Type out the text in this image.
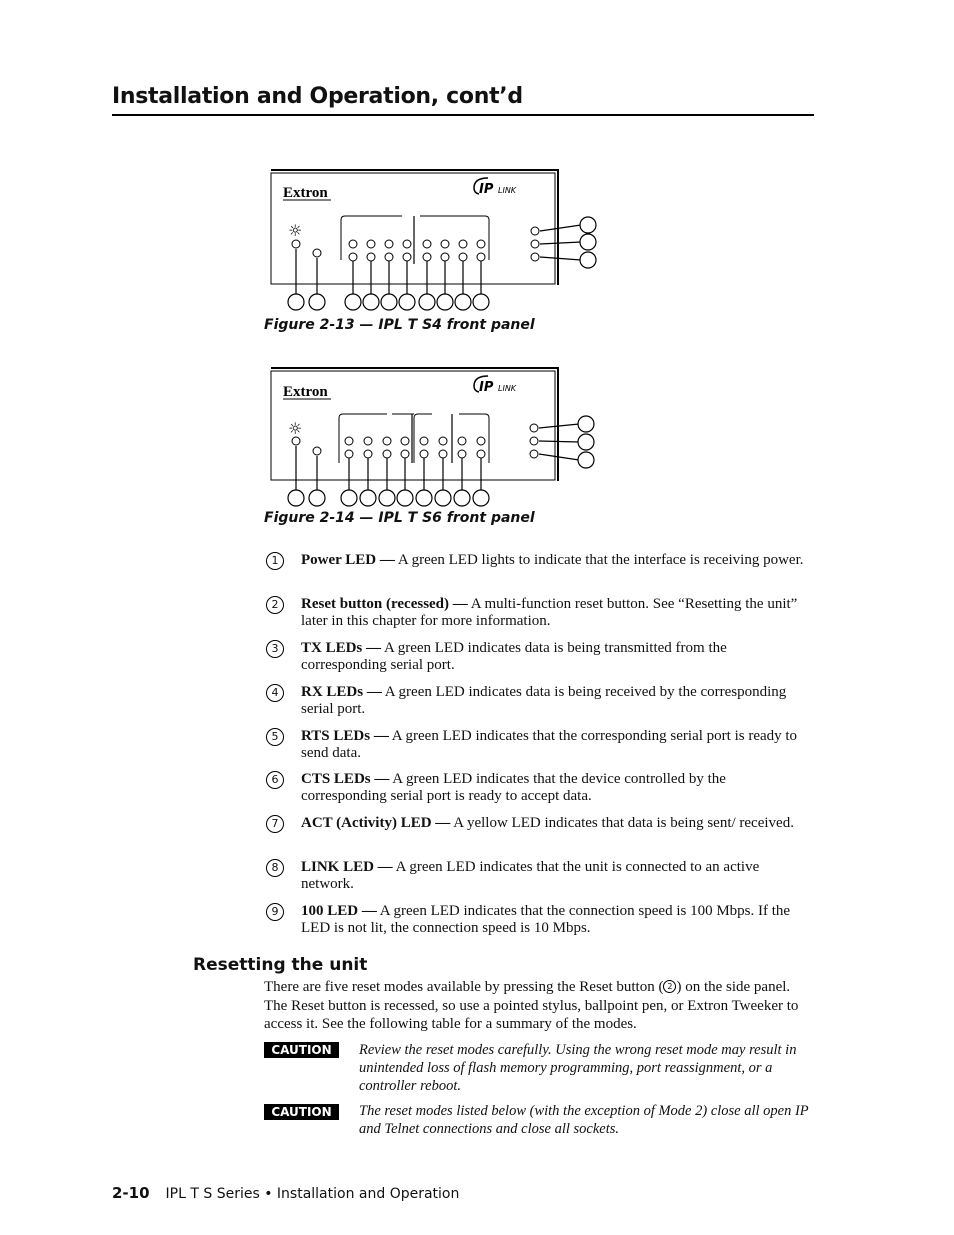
Installation and Operation, cont’d
Extron	IP LINK
☼
Figure 2-13 — IPL T S4 front panel
Extron	IP LINK
☼
Figure 2-14 — IPL T S6 front panel
1	Power LED — A green LED lights to indicate that the interface is receiving power.
2	Reset button (recessed) — A multi-function reset button. See “Resetting the unit” later in this chapter for more information.
3	TX LEDs — A green LED indicates data is being transmitted from the corresponding serial port.
4	RX LEDs — A green LED indicates data is being received by the corresponding serial port.
5	RTS LEDs — A green LED indicates that the corresponding serial port is ready to send data.
6	CTS LEDs — A green LED indicates that the device controlled by the corresponding serial port is ready to accept data.
7	ACT (Activity) LED — A yellow LED indicates that data is being sent/ received.
8	LINK LED — A green LED indicates that the unit is connected to an active network.
9	100 LED — A green LED indicates that the connection speed is 100 Mbps. If the LED is not lit, the connection speed is 10 Mbps.
Resetting the unit
There are five reset modes available by pressing the Reset button ( 2 ) on the side panel. The Reset button is recessed, so use a pointed stylus, ballpoint pen, or Extron Tweeker to access it. See the following table for a summary of the modes.
CAUTION	Review the reset modes carefully. Using the wrong reset mode may result in unintended loss of flash memory programming, port reassignment, or a controller reboot.
CAUTION	The reset modes listed below (with the exception of Mode 2) close all open IP and Telnet connections and close all sockets.
2-10 IPL T S Series • Installation and Operation
